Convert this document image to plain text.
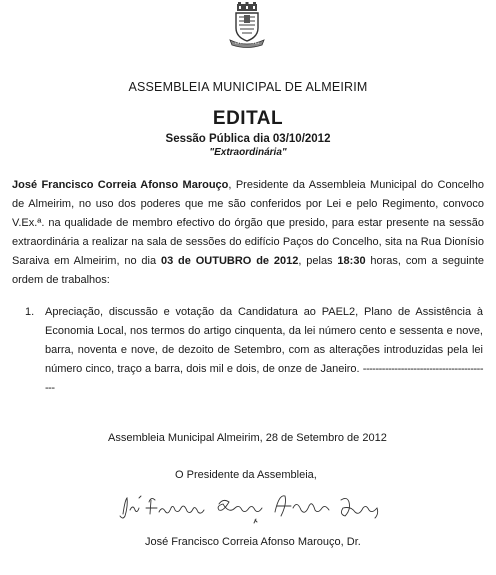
ASSEMBLEIA MUNICIPAL DE ALMEIRIM
EDITAL
Sessão Pública dia 03/10/2012
"Extraordinária"

José Francisco Correia Afonso Marouço, Presidente da Assembleia Municipal do Concelho de Almeirim, no uso dos poderes que me são conferidos por Lei e pelo Regimento, convoco V.Ex.ª. na qualidade de membro efectivo do órgão que presido, para estar presente na sessão extraordinária a realizar na sala de sessões do edifício Paços do Concelho, sita na Rua Dionísio Saraiva em Almeirim, no dia 03 de OUTUBRO de 2012, pelas 18:30 horas, com a seguinte ordem de trabalhos:

1. Apreciação, discussão e votação da Candidatura ao PAEL2, Plano de Assistência à Economia Local, nos termos do artigo cinquenta, da lei número cento e sessenta e nove, barra, noventa e nove, de dezoito de Setembro, com as alterações introduzidas pela lei número cinco, traço a barra, dois mil e dois, de onze de Janeiro. -----------------------------------------
Assembleia Municipal Almeirim, 28 de Setembro de 2012
O Presidente da Assembleia,
José Francisco Correia Afonso Marouço, Dr.
